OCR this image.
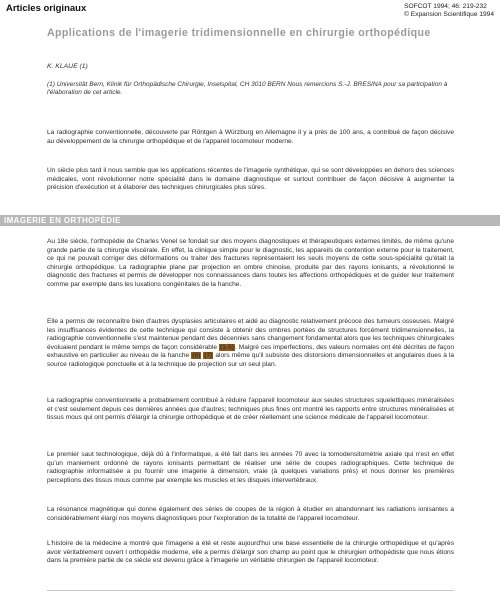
Articles originaux	SOFCOT 1994; 46: 219-232
© Expansion Scientifique 1994
Applications de l'imagerie tridimensionnelle en chirurgie orthopédique
K. KLAUE (1)
(1) Universität Bern, Klinik für Orthopädische Chirurgie, Inselspital, CH 3010 BERN Nous remercions S.-J. BRESINA pour sa participation à l'élaboration de cet article.
La radiographie conventionnelle, découverte par Röntgen à Würzburg en Allemagne il y a près de 100 ans, a contribué de façon décisive au développement de la chirurgie orthopédique et de l'appareil locomoteur moderne.
Un siècle plus tard il nous semble que les applications récentes de l'imagerie synthétique, qui se sont développées en dehors des sciences médicales, vont révolutionner notre spécialité dans le domaine diagnostique et surtout contribuer de façon décisive à augmenter la précision d'exécution et à élaborer des techniques chirurgicales plus sûres.
IMAGERIE EN ORTHOPÉDIE
Au 18e siècle, l'orthopédie de Charles Venel se fondait sur des moyens diagnostiques et thérapeutiques externes limités, de même qu'une grande partie de la chirurgie viscérale. En effet, la clinique simple pour le diagnostic, les appareils de contention externe pour le traitement, ce qui ne pouvait corriger des déformations ou traiter des fractures représentaient les seuls moyens de cette sous-spécialité qu'était la chirurgie orthopédique. La radiographie plane par projection en ombre chinoise, produite par des rayons ionisants, a révolutionné le diagnostic des fractures et permis de développer nos connaissances dans toutes les affections orthopédiques et de guider leur traitement comme par exemple dans les luxations congénitales de la hanche.
Elle a permis de reconnaître bien d'autres dysplasies articulaires et aidé au diagnostic relativement précoce des tumeurs osseuses. Malgré les insuffisances évidentes de cette technique qui consiste à obtenir des ombres portées de structures forcément tridimensionnelles, la radiographie conventionnelle s'est maintenue pendant des décennies sans changement fondamental alors que les techniques chirurgicales évoluaient pendant le même temps de façon considérable (1-5). Malgré ces imperfections, des valeurs normales ont été décrites de façon exhaustive en particulier au niveau de la hanche (6) (7) alors même qu'il subsiste des distorsions dimensionnelles et angulaires dues à la source radiologique ponctuelle et à la technique de projection sur un seul plan.
La radiographie conventionnelle a probablement contribué à réduire l'appareil locomoteur aux seules structures squelettiques minéralisées et c'est seulement depuis ces dernières années que d'autres; techniques plus fines ont montré les rapports entre structures minéralisées et tissus mous qui ont permis d'élargir la chirurgie orthopédique et de créer réellement une science médicale de l'appareil locomoteur.
Le premier saut technologique, déjà dû à l'informatique, a été fait dans les années 70 avec la tomodensitométrie axiale qui n'est en effet qu'un maniement ordonné de rayons ionisants permettant de réaliser une série de coupes radiographiques. Cette technique de radiographie informatisée a pu fournir une imagerie à dimension, vraie (à quelques variations près) et nous donner les premières perceptions des tissus mous comme par exemple les muscles et les disques intervertébraux.
La résonance magnétique qui donne également des séries de coupes de la région à étudier en abandonnant les radiations ionisantes a considérablement élargi nos moyens diagnostiques pour l'exploration de la totalité de l'appareil locomoteur.
L'histoire de la médecine a montré que l'imagerie a été et reste aujourd'hui une base essentielle de la chirurgie orthopédique et qu'après avoir véritablement ouvert l orthopédie moderne, elle a permis d'élargir son champ au point que le chirurgien orthopédiste que nous étions dans la première partie de ce siècle est devenu grâce à l'imagerie un véritable chirurgien de l'appareil locomoteur.
